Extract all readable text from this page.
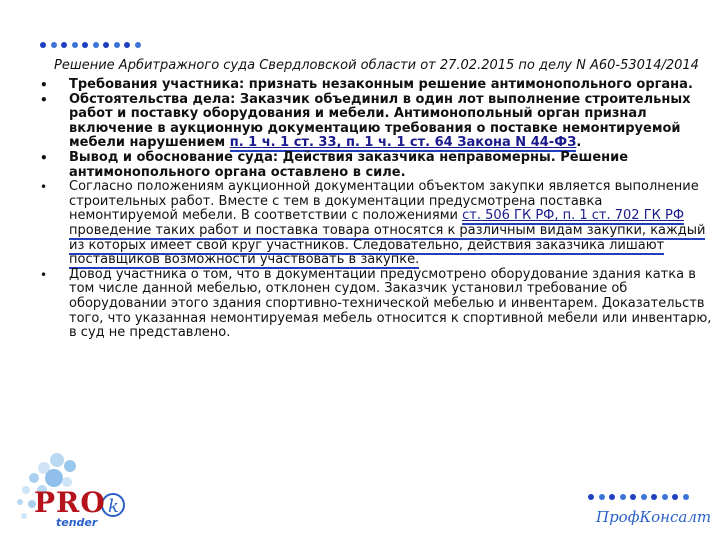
Решение Арбитражного суда Свердловской области от 27.02.2015 по делу N А60-53014/2014

• Требования участника: признать незаконным решение антимонопольного органа.

• Обстоятельства дела: Заказчик объединил в один лот выполнение строительных работ и поставку оборудования и мебели. Антимонопольный орган признал включение в аукционную документацию требования о поставке немонтируемой мебели нарушением п. 1 ч. 1 ст. 33, п. 1 ч. 1 ст. 64 Закона N 44-ФЗ.

• Вывод и обоснование суда: Действия заказчика неправомерны. Решение антимонопольного органа оставлено в силе.

• Согласно положениям аукционной документации объектом закупки является выполнение строительных работ. Вместе с тем в документации предусмотрена поставка немонтируемой мебели. В соответствии с положениями ст. 506 ГК РФ, п. 1 ст. 702 ГК РФ проведение таких работ и поставка товара относятся к различным видам закупки, каждый из которых имеет свой круг участников. Следовательно, действия заказчика лишают поставщиков возможности участвовать в закупке.

• Довод участника о том, что в документации предусмотрено оборудование здания катка в том числе данной мебелью, отклонен судом. Заказчик установил требование об оборудовании этого здания спортивно-технической мебелью и инвентарем. Доказательств того, что указанная немонтируемая мебель относится к спортивной мебели или инвентарю, в суд не представлено.

k
PRO
tender	ПрофКонсалт
